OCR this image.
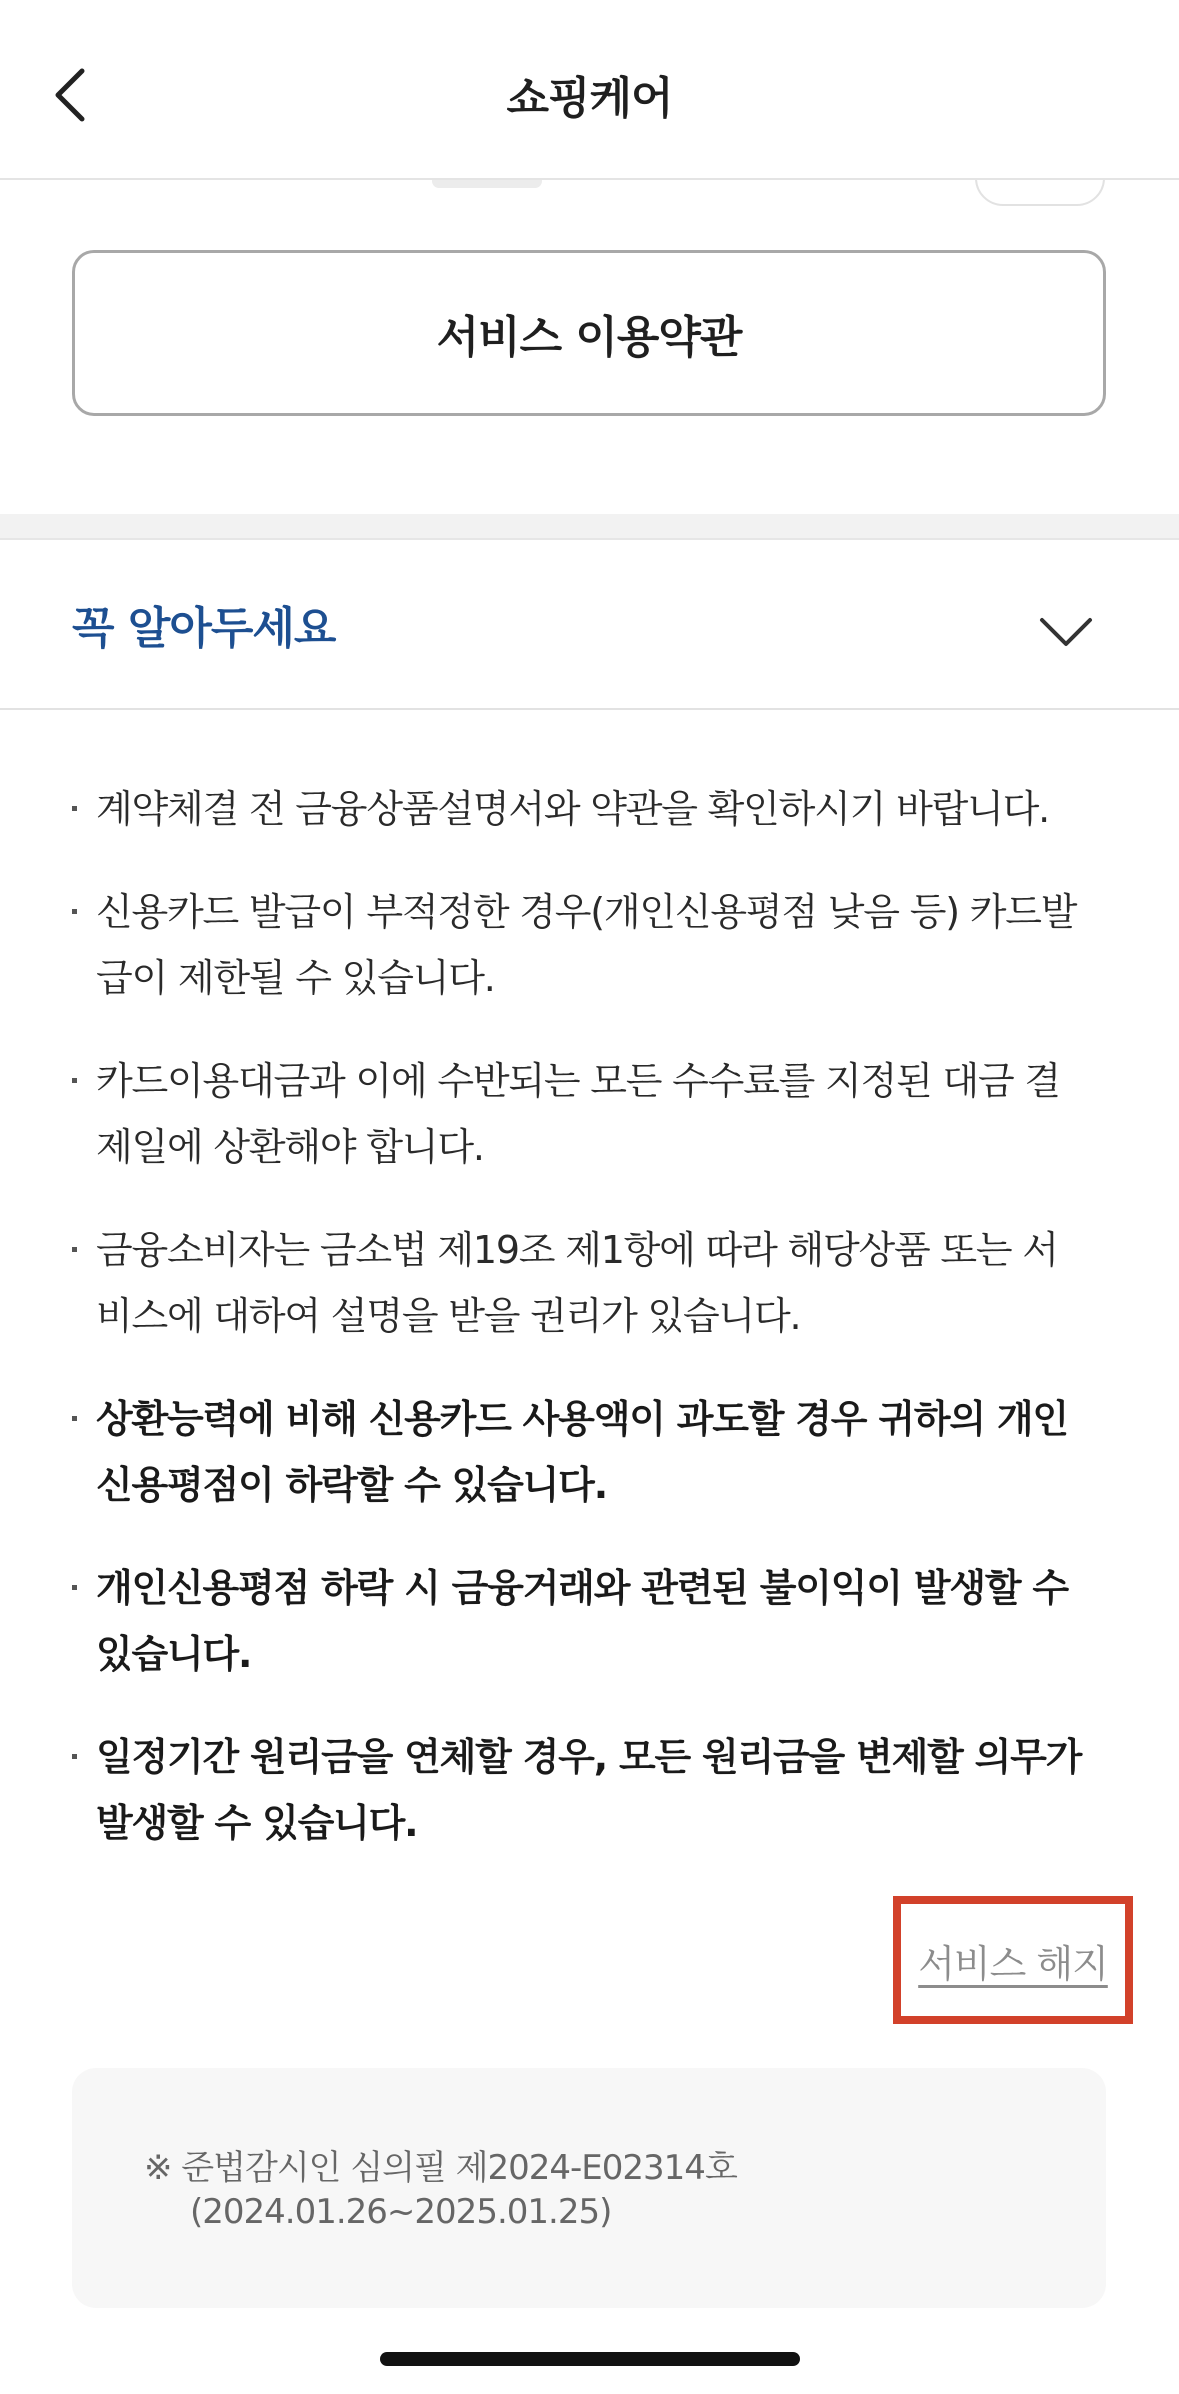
쇼핑케어
서비스 이용약관
꼭 알아두세요
계약체결 전 금융상품설명서와 약관을 확인하시기 바랍니다.
신용카드 발급이 부적정한 경우(개인신용평점 낮음 등) 카드발
급이 제한될 수 있습니다.
카드이용대금과 이에 수반되는 모든 수수료를 지정된 대금 결
제일에 상환해야 합니다.
금융소비자는 금소법 제19조 제1항에 따라 해당상품 또는 서
비스에 대하여 설명을 받을 권리가 있습니다.
상환능력에 비해 신용카드 사용액이 과도할 경우 귀하의 개인
신용평점이 하락할 수 있습니다.
개인신용평점 하락 시 금융거래와 관련된 불이익이 발생할 수
있습니다.
일정기간 원리금을 연체할 경우, 모든 원리금을 변제할 의무가
발생할 수 있습니다.
서비스 해지
※ 준법감시인 심의필 제2024-E02314호
(2024.01.26~2025.01.25)
